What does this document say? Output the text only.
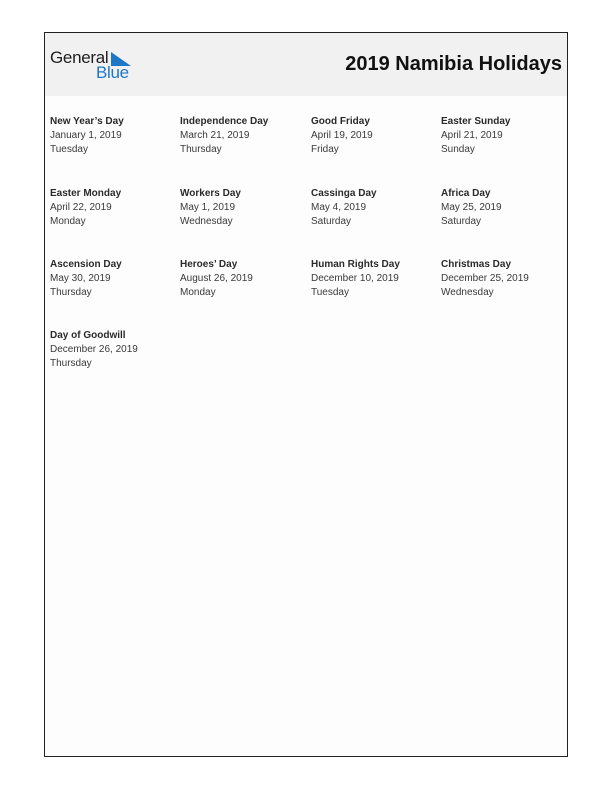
General
Blue	2019 Namibia Holidays
New Year’s Day
January 1, 2019
Tuesday
Independence Day
March 21, 2019
Thursday
Good Friday
April 19, 2019
Friday
Easter Sunday
April 21, 2019
Sunday
Easter Monday
April 22, 2019
Monday
Workers Day
May 1, 2019
Wednesday
Cassinga Day
May 4, 2019
Saturday
Africa Day
May 25, 2019
Saturday
Ascension Day
May 30, 2019
Thursday
Heroes’ Day
August 26, 2019
Monday
Human Rights Day
December 10, 2019
Tuesday
Christmas Day
December 25, 2019
Wednesday
Day of Goodwill
December 26, 2019
Thursday
